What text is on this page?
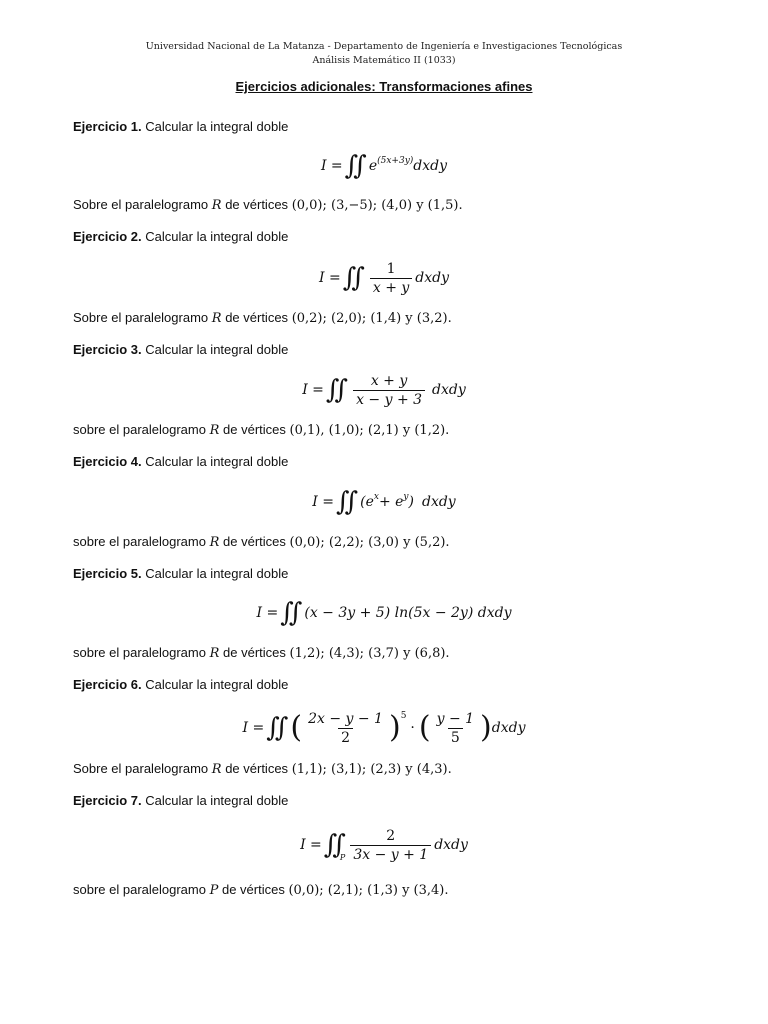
Universidad Nacional de La Matanza - Departamento de Ingeniería e Investigaciones Tecnológicas
Análisis Matemático II (1033)
Ejercicios adicionales: Transformaciones afines
Ejercicio 1. Calcular la integral doble
I = ∬ e (5x+3y) dxdy
Sobre el paralelogramo R de vértices (0,0); (3,−5); (4,0) y (1,5).
Ejercicio 2. Calcular la integral doble
I = ∬	$\frac{1}{x + y}$ dxdy
Sobre el paralelogramo R de vértices (0,2); (2,0); (1,4) y (3,2).
Ejercicio 3. Calcular la integral doble
I = ∬	$\frac{x + y}{x - y + 3}$ dxdy
sobre el paralelogramo R de vértices (0,1), (1,0); (2,1) y (1,2).
Ejercicio 4. Calcular la integral doble
I = ∬ (e x + e y ) dxdy
sobre el paralelogramo R de vértices (0,0); (2,2); (3,0) y (5,2).
Ejercicio 5. Calcular la integral doble
I = ∬ (x − 3y + 5) ln(5x − 2y) dxdy
sobre el paralelogramo R de vértices (1,2); (4,3); (3,7) y (6,8).
Ejercicio 6. Calcular la integral doble
I = ∬ ( $\frac{2x - y - 1}{2}$ ) 5
· ( $\frac{y - 1}{5}$ ) dxdy
Sobre el paralelogramo R de vértices (1,1); (3,1); (2,3) y (4,3).
Ejercicio 7. Calcular la integral doble
I = ∬ P $\frac{2}{3x - y + 1}$ dxdy
sobre el paralelogramo P de vértices (0,0); (2,1); (1,3) y (3,4).
